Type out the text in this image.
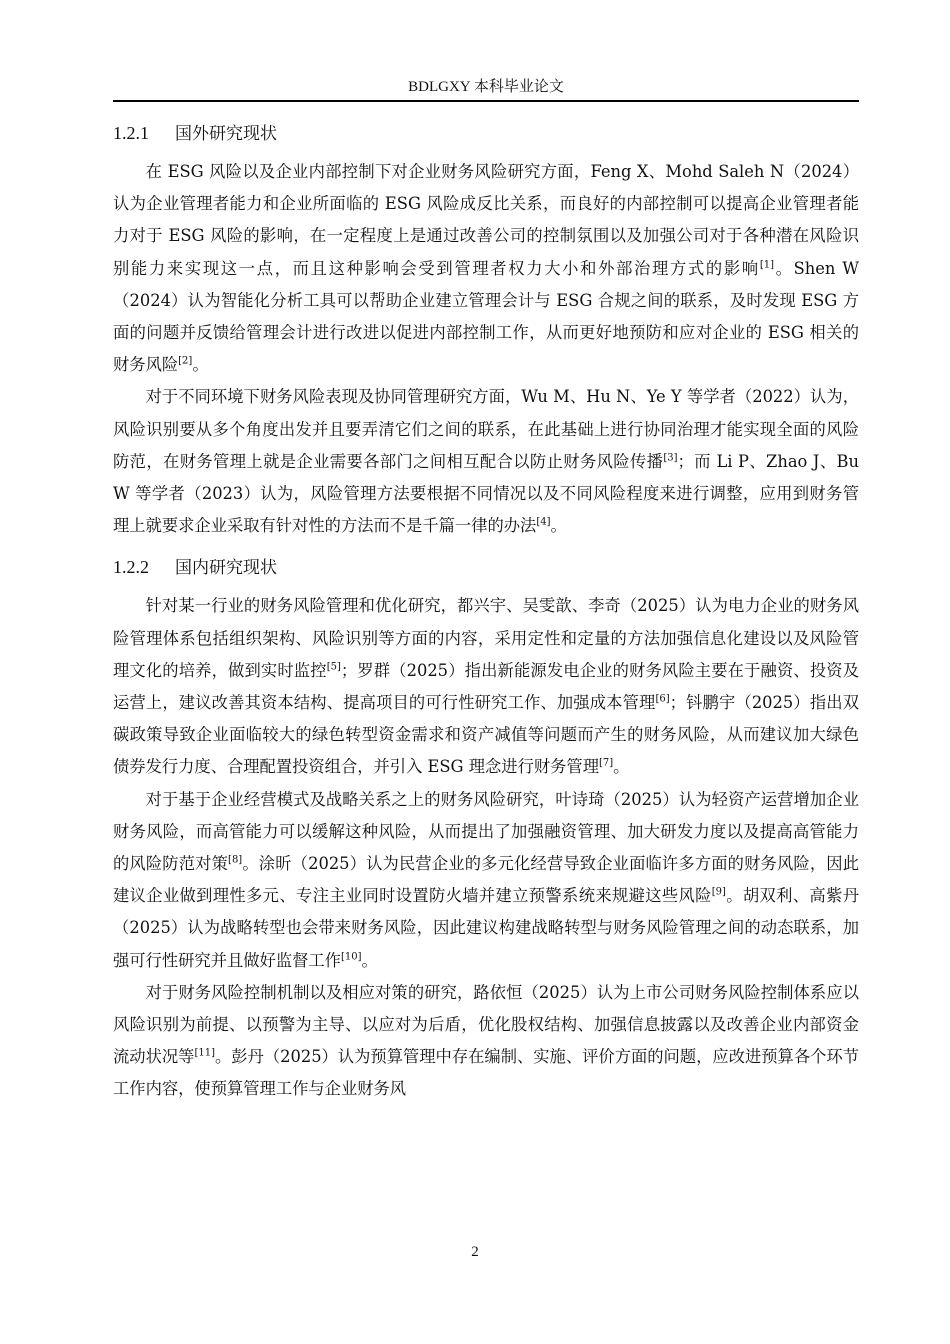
BDLGXY 本科毕业论文
1.2.1 国外研究现状

在 ESG 风险以及企业内部控制下对企业财务风险研究方面，Feng X、Mohd Saleh N（2024）认为企业管理者能力和企业所面临的 ESG 风险成反比关系，而良好的内部控制可以提高企业管理者能力对于 ESG 风险的影响，在一定程度上是通过改善公司的控制氛围以及加强公司对于各种潜在风险识别能力来实现这一点，而且这种影响会受到管理者权力大小和外部治理方式的影响[1]。Shen W（2024）认为智能化分析工具可以帮助企业建立管理会计与 ESG 合规之间的联系，及时发现 ESG 方面的问题并反馈给管理会计进行改进以促进内部控制工作，从而更好地预防和应对企业的 ESG 相关的财务风险[2]。

对于不同环境下财务风险表现及协同管理研究方面，Wu M、Hu N、Ye Y 等学者（2022）认为，风险识别要从多个角度出发并且要弄清它们之间的联系，在此基础上进行协同治理才能实现全面的风险防范，在财务管理上就是企业需要各部门之间相互配合以防止财务风险传播[3]；而 Li P、Zhao J、Bu W 等学者（2023）认为，风险管理方法要根据不同情况以及不同风险程度来进行调整，应用到财务管理上就要求企业采取有针对性的方法而不是千篇一律的办法[4]。

1.2.2 国内研究现状

针对某一行业的财务风险管理和优化研究，都兴宇、吴雯歆、李奇（2025）认为电力企业的财务风险管理体系包括组织架构、风险识别等方面的内容，采用定性和定量的方法加强信息化建设以及风险管理文化的培养，做到实时监控[5]；罗群（2025）指出新能源发电企业的财务风险主要在于融资、投资及运营上，建议改善其资本结构、提高项目的可行性研究工作、加强成本管理[6]；钭鹏宇（2025）指出双碳政策导致企业面临较大的绿色转型资金需求和资产减值等问题而产生的财务风险，从而建议加大绿色债券发行力度、合理配置投资组合，并引入 ESG 理念进行财务管理[7]。

对于基于企业经营模式及战略关系之上的财务风险研究，叶诗琦（2025）认为轻资产运营增加企业财务风险，而高管能力可以缓解这种风险，从而提出了加强融资管理、加大研发力度以及提高高管能力的风险防范对策[8]。涂昕（2025）认为民营企业的多元化经营导致企业面临许多方面的财务风险，因此建议企业做到理性多元、专注主业同时设置防火墙并建立预警系统来规避这些风险[9]。胡双利、高紫丹（2025）认为战略转型也会带来财务风险，因此建议构建战略转型与财务风险管理之间的动态联系，加强可行性研究并且做好监督工作[10]。

对于财务风险控制机制以及相应对策的研究，路依恒（2025）认为上市公司财务风险控制体系应以风险识别为前提、以预警为主导、以应对为后盾，优化股权结构、加强信息披露以及改善企业内部资金流动状况等[11]。彭丹（2025）认为预算管理中存在编制、实施、评价方面的问题，应改进预算各个环节工作内容，使预算管理工作与企业财务风

2
